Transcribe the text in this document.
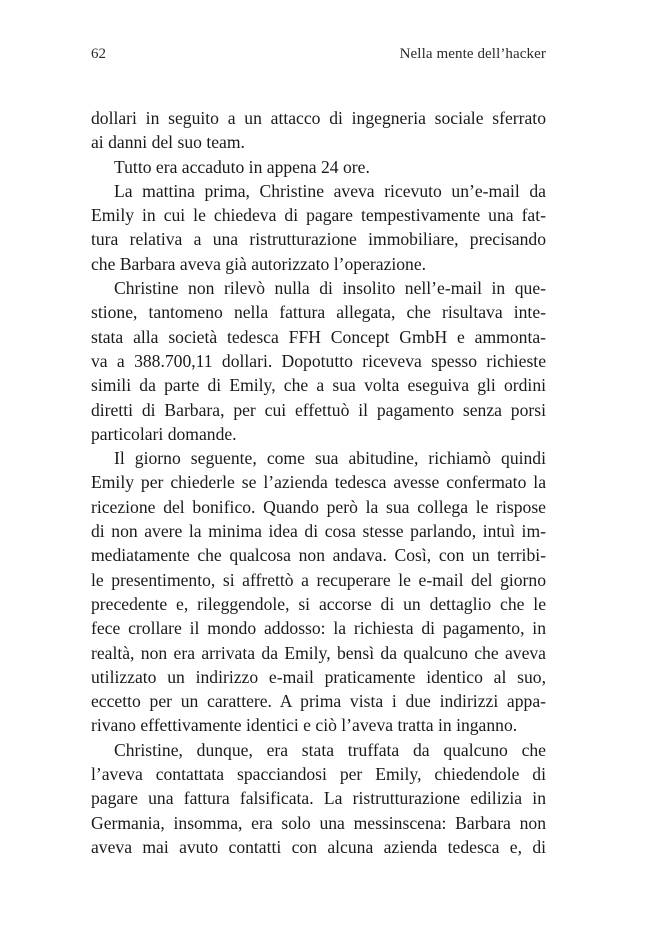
62	Nella mente dell’hacker

dollari in seguito a un attacco di ingegneria sociale sferrato

ai danni del suo team.

Tutto era accaduto in appena 24 ore.

La mattina prima, Christine aveva ricevuto un’e-mail da

Emily in cui le chiedeva di pagare tempestivamente una fat-

tura relativa a una ristrutturazione immobiliare, precisando

che Barbara aveva già autorizzato l’operazione.

Christine non rilevò nulla di insolito nell’e-mail in que-

stione, tantomeno nella fattura allegata, che risultava inte-

stata alla società tedesca FFH Concept GmbH e ammonta-

va a 388.700,11 dollari. Dopotutto riceveva spesso richieste

simili da parte di Emily, che a sua volta eseguiva gli ordini

diretti di Barbara, per cui effettuò il pagamento senza porsi

particolari domande.

Il giorno seguente, come sua abitudine, richiamò quindi

Emily per chiederle se l’azienda tedesca avesse confermato la

ricezione del bonifico. Quando però la sua collega le rispose

di non avere la minima idea di cosa stesse parlando, intuì im-

mediatamente che qualcosa non andava. Così, con un terribi-

le presentimento, si affrettò a recuperare le e-mail del giorno

precedente e, rileggendole, si accorse di un dettaglio che le

fece crollare il mondo addosso: la richiesta di pagamento, in

realtà, non era arrivata da Emily, bensì da qualcuno che aveva

utilizzato un indirizzo e-mail praticamente identico al suo,

eccetto per un carattere. A prima vista i due indirizzi appa-

rivano effettivamente identici e ciò l’aveva tratta in inganno.

Christine, dunque, era stata truffata da qualcuno che

l’aveva contattata spacciandosi per Emily, chiedendole di

pagare una fattura falsificata. La ristrutturazione edilizia in

Germania, insomma, era solo una messinscena: Barbara non

aveva mai avuto contatti con alcuna azienda tedesca e, di
